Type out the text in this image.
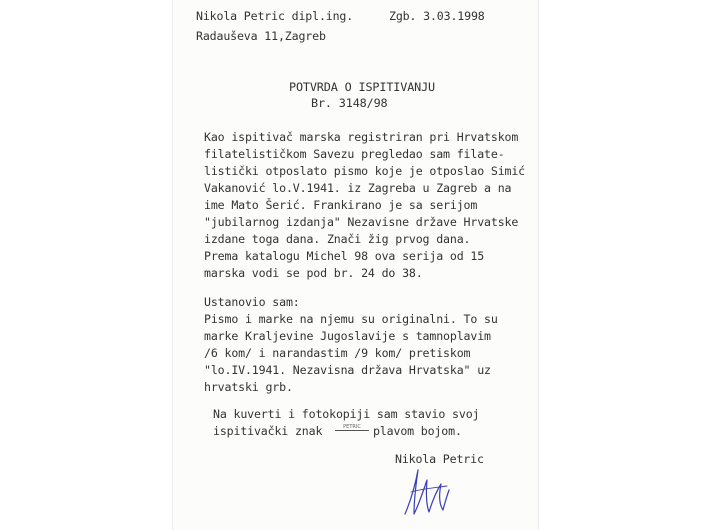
Nikola Petric dipl.ing.	Zgb. 3.03.1998
Radauševa 11,Zagreb
POTVRDA O ISPITIVANJU
Br. 3148/98
Kao ispitivač marska registriran pri Hrvatskom
filatelističkom Savezu pregledao sam filate-
listički otposlato pismo koje je otposlao Simić
Vakanović lo.V.1941. iz Zagreba u Zagreb a na
ime Mato Šerić. Frankirano je sa serijom
"jubilarnog izdanja" Nezavisne države Hrvatske
izdane toga dana. Znači žig prvog dana.
Prema katalogu Michel 98 ova serija od 15
marska vodi se pod br. 24 do 38.
Ustanovio sam:
Pismo i marke na njemu su originalni. To su
marke Kraljevine Jugoslavije s tamnoplavim
/6 kom/ i narandastim /9 kom/ pretiskom
"lo.IV.1941. Nezavisna država Hrvatska" uz
hrvatski grb.
Na kuverti i fotokopiji sam stavio svoj
ispitivački znak	PETRIC	plavom bojom.
Nikola Petric
